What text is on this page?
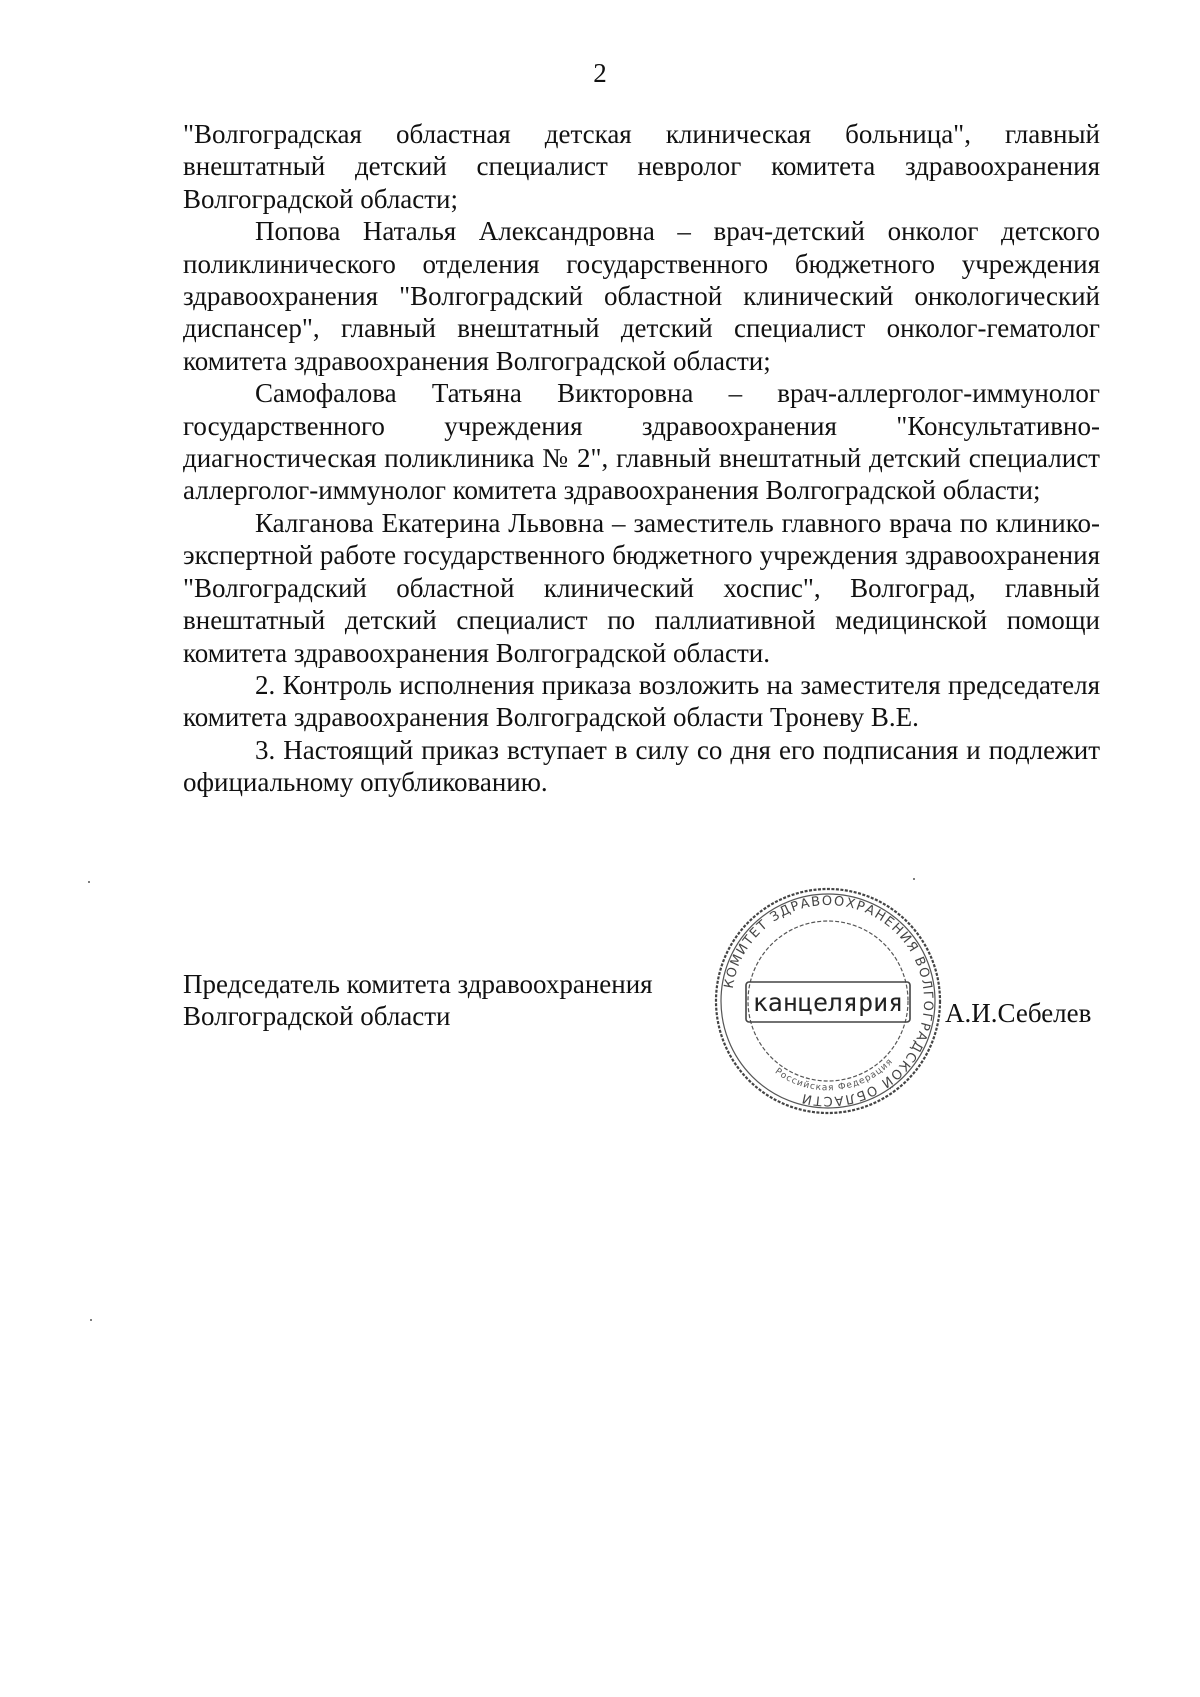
2

"Волгоградская областная детская клиническая больница", главный внештатный детский специалист невролог комитета здравоохранения Волгоградской области;

Попова Наталья Александровна – врач-детский онколог детского поликлинического отделения государственного бюджетного учреждения здравоохранения "Волгоградский областной клинический онкологический диспансер", главный внештатный детский специалист онколог-гематолог комитета здравоохранения Волгоградской области;

Самофалова Татьяна Викторовна – врач-аллерголог-иммунолог государственного учреждения здравоохранения "Консультативно-диагностическая поликлиника № 2", главный внештатный детский специалист аллерголог-иммунолог комитета здравоохранения Волгоградской области;

Калганова Екатерина Львовна – заместитель главного врача по клинико-экспертной работе государственного бюджетного учреждения здравоохранения "Волгоградский областной клинический хоспис", Волгоград, главный внештатный детский специалист по паллиативной медицинской помощи комитета здравоохранения Волгоградской области.

2. Контроль исполнения приказа возложить на заместителя председателя комитета здравоохранения Волгоградской области Троневу В.Е.

3. Настоящий приказ вступает в силу со дня его подписания и подлежит официальному опубликованию.

Председатель комитета здравоохранения
Волгоградской области
КОМИТЕТ ЗДРАВООХРАНЕНИЯ ВОЛГОГРАДСКОЙ ОБЛАСТИ
Российская Федерация
канцелярия А.И.Себелев
